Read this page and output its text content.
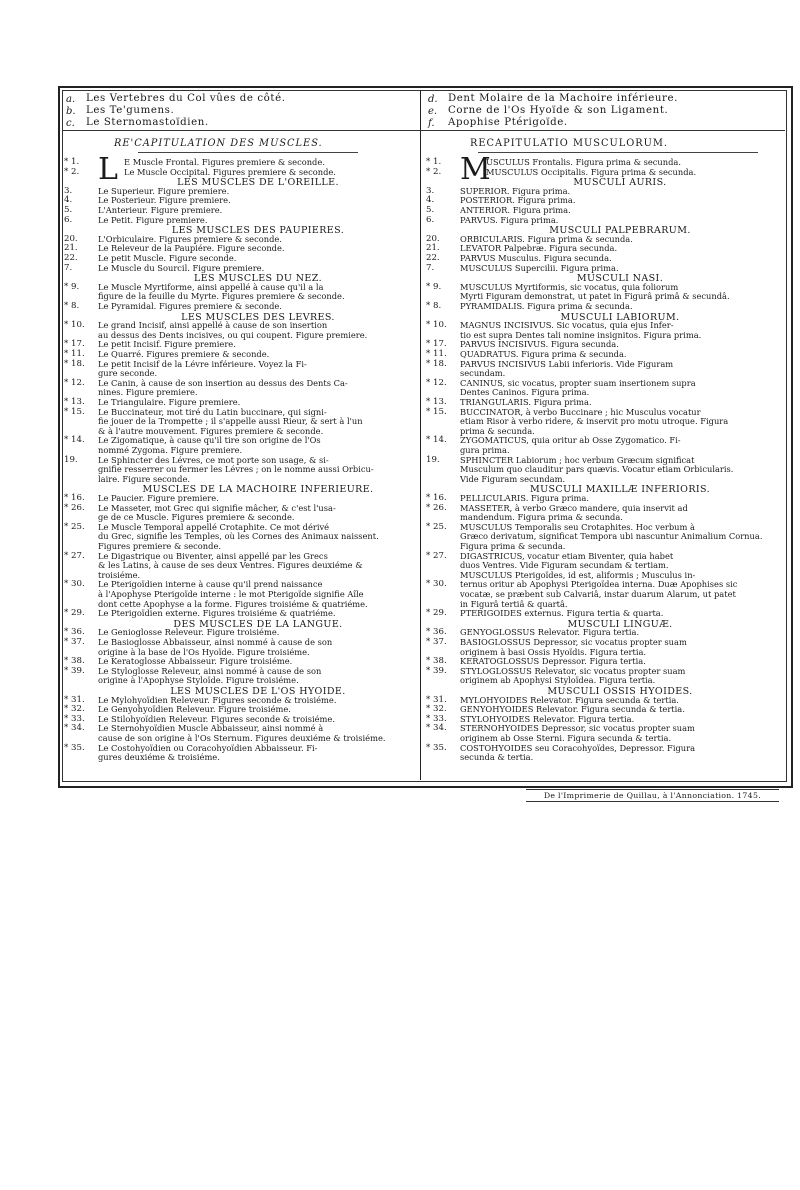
a. Les Vertebres du Col vûes de côté.
b. Les Te'gumens.
c. Le Sternomastoïdien.
d. Dent Molaire de la Machoire inférieure.
e. Corne de l'Os Hyoïde & son Ligament.
f. Apophise Ptérigoïde.
RE'CAPITULATION DES MUSCLES.	RECAPITULATIO MUSCULORUM.
* 1.
* 2.
3.
4.
5.
6.
20.
21.
22.
7.
* 9.
* 8.
* 10.
* 17.
* 11.
* 18.
* 12.
* 13.
* 15.
* 14.
19.
* 16.
* 26.
* 25.
* 27.
* 30.
* 29.
* 36.
* 37.
* 38.
* 39.
* 31.
* 32.
* 33.
* 34.
* 35.
E Muscle Frontal. Figures premiere & seconde.
Le Muscle Occipital. Figures premiere & seconde.
LES MUSCLES DE L'OREILLE.
Le Superieur. Figure premiere.
Le Posterieur. Figure premiere.
L'Anterieur. Figure premiere.
Le Petit. Figure premiere.
LES MUSCLES DES PAUPIERES.
L'Orbiculaire. Figures premiere & seconde.
Le Releveur de la Paupiére. Figure seconde.
Le petit Muscle. Figure seconde.
Le Muscle du Sourcil. Figure premiere.
LES MUSCLES DU NEZ.
Le Muscle Myrtiforme, ainsi appellé à cause qu'il a la
figure de la feuille du Myrte. Figures premiere & seconde.
Le Pyramidal. Figures premiere & seconde.
LES MUSCLES DES LEVRES.
Le grand Incisif, ainsi appellé à cause de son insertion
au dessus des Dents incisives, ou qui coupent. Figure premiere.
Le petit Incisif. Figure premiere.
Le Quarré. Figures premiere & seconde.
Le petit Incisif de la Lévre inférieure. Voyez la Fi-
gure seconde.
Le Canin, à cause de son insertion au dessus des Dents Ca-
nines. Figure premiere.
Le Triangulaire. Figure premiere.
Le Buccinateur, mot tiré du Latin buccinare, qui signi-
fie jouer de la Trompette ; il s'appelle aussi Rieur, & sert à l'un
& à l'autre mouvement. Figures premiere & seconde.
Le Zigomatique, à cause qu'il tire son origine de l'Os
nommé Zygoma. Figure premiere.
Le Sphincter des Lévres, ce mot porte son usage, & si-
gnifie resserrer ou fermer les Lévres ; on le nomme aussi Orbicu-
laire. Figure seconde.
MUSCLES DE LA MACHOIRE INFERIEURE.
Le Paucier. Figure premiere.
Le Masseter, mot Grec qui signifie mâcher, & c'est l'usa-
ge de ce Muscle. Figures premiere & seconde.
Le Muscle Temporal appellé Crotaphite. Ce mot dérivé
du Grec, signifie les Temples, où les Cornes des Animaux naissent.
Figures premiere & seconde.
Le Digastrique ou Biventer, ainsi appellé par les Grecs
& les Latins, à cause de ses deux Ventres. Figures deuxiéme &
troisiéme.
Le Pterigoïdien interne à cause qu'il prend naissance
à l'Apophyse Pterigoïde interne : le mot Pterigoïde signifie Aîle
dont cette Apophyse a la forme. Figures troisiéme & quatriéme.
Le Pterigoïdien externe. Figures troisiéme & quatriéme.
DES MUSCLES DE LA LANGUE.
Le Genioglosse Releveur. Figure troisiéme.
Le Basioglosse Abbaisseur, ainsi nommé à cause de son
origine à la base de l'Os Hyoïde. Figure troisiéme.
Le Keratoglosse Abbaisseur. Figure troisiéme.
Le Styloglosse Releveur, ainsi nommé à cause de son
origine à l'Apophyse Styloïde. Figure troisiéme.
LES MUSCLES DE L'OS HYOIDE.
Le Mylohyoïdien Releveur. Figures seconde & troisiéme.
Le Genyohyoïdien Releveur. Figure troisiéme.
Le Stilohyoïdien Releveur. Figures seconde & troisiéme.
Le Sternohyoïdien Muscle Abbaisseur, ainsi nommé à
cause de son origine à l'Os Sternum. Figures deuxiéme & troisiéme.
Le Costohyoïdien ou Coracohyoïdien Abbaisseur. Fi-
gures deuxiéme & troisiéme.
L	* 1.
* 2.
3.
4.
5.
6.
20.
21.
22.
7.
* 9.
* 8.
* 10.
* 17.
* 11.
* 18.
* 12.
* 13.
* 15.
* 14.
19.
* 16.
* 26.
* 25.
* 27.
* 30.
* 29.
* 36.
* 37.
* 38.
* 39.
* 31.
* 32.
* 33.
* 34.
* 35.
USCULUS Frontalis. Figura prima & secunda.
MUSCULUS Occipitalis. Figura prima & secunda.
MUSCULI AURIS.
SUPERIOR. Figura prima.
POSTERIOR. Figura prima.
ANTERIOR. Figura prima.
PARVUS. Figura prima.
MUSCULI PALPEBRARUM.
ORBICULARIS. Figura prima & secunda.
LEVATOR Palpebræ. Figura secunda.
PARVUS Musculus. Figura secunda.
MUSCULUS Supercilii. Figura prima.
MUSCULI NASI.
MUSCULUS Myrtiformis, sic vocatus, quia foliorum
Myrti Figuram demonstrat, ut patet in Figurâ primâ & secundâ.
PYRAMIDALIS. Figura prima & secunda.
MUSCULI LABIORUM.
MAGNUS INCISIVUS. Sic vocatus, quia ejus Infer-
tio est supra Dentes tali nomine insignitos. Figura prima.
PARVUS INCISIVUS. Figura secunda.
QUADRATUS. Figura prima & secunda.
PARVUS INCISIVUS Labii inferioris. Vide Figuram
secundam.
CANINUS, sic vocatus, propter suam insertionem supra
Dentes Caninos. Figura prima.
TRIANGULARIS. Figura prima.
BUCCINATOR, à verbo Buccinare ; hic Musculus vocatur
etiam Risor à verbo ridere, & inservit pro motu utroque. Figura
prima & secunda.
ZYGOMATICUS, quia oritur ab Osse Zygomatico. Fi-
gura prima.
SPHINCTER Labiorum ; hoc verbum Græcum significat
Musculum quo clauditur pars quævis. Vocatur etiam Orbicularis.
Vide Figuram secundam.
MUSCULI MAXILLÆ INFERIORIS.
PELLICULARIS. Figura prima.
MASSETER, à verbo Græco mandere, quia inservit ad
mandendum. Figura prima & secunda.
MUSCULUS Temporalis seu Crotaphites. Hoc verbum à
Græco derivatum, significat Tempora ubi nascuntur Animalium Cornua.
Figura prima & secunda.
DIGASTRICUS, vocatur etiam Biventer, quia habet
duos Ventres. Vide Figuram secundam & tertiam.
MUSCULUS Pterigoïdes, id est, aliformis ; Musculus in-
ternus oritur ab Apophysi Pterigoïdea interna. Duæ Apophises sic
vocatæ, se præbent sub Calvariâ, instar duarum Alarum, ut patet
in Figurâ tertiâ & quartâ.
PTERIGOIDES externus. Figura tertia & quarta.
MUSCULI LINGUÆ.
GENYOGLOSSUS Relevator. Figura tertia.
BASIOGLOSSUS Depressor, sic vocatus propter suam
originem à basi Ossis Hyoïdis. Figura tertia.
KERATOGLOSSUS Depressor. Figura tertia.
STYLOGLOSSUS Relevator, sic vocatus propter suam
originem ab Apophysi Styloïdea. Figura tertia.
MUSCULI OSSIS HYOIDES.
MYLOHYOIDES Relevator. Figura secunda & tertia.
GENYOHYOIDES Relevator. Figura secunda & tertia.
STYLOHYOIDES Relevator. Figura tertia.
STERNOHYOIDES Depressor, sic vocatus propter suam
originem ab Osse Sterni. Figura secunda & tertia.
COSTOHYOIDES seu Coracohyoïdes, Depressor. Figura
secunda & tertia.
M
De l'Imprimerie de Quillau, à l'Annonciation. 1745.
